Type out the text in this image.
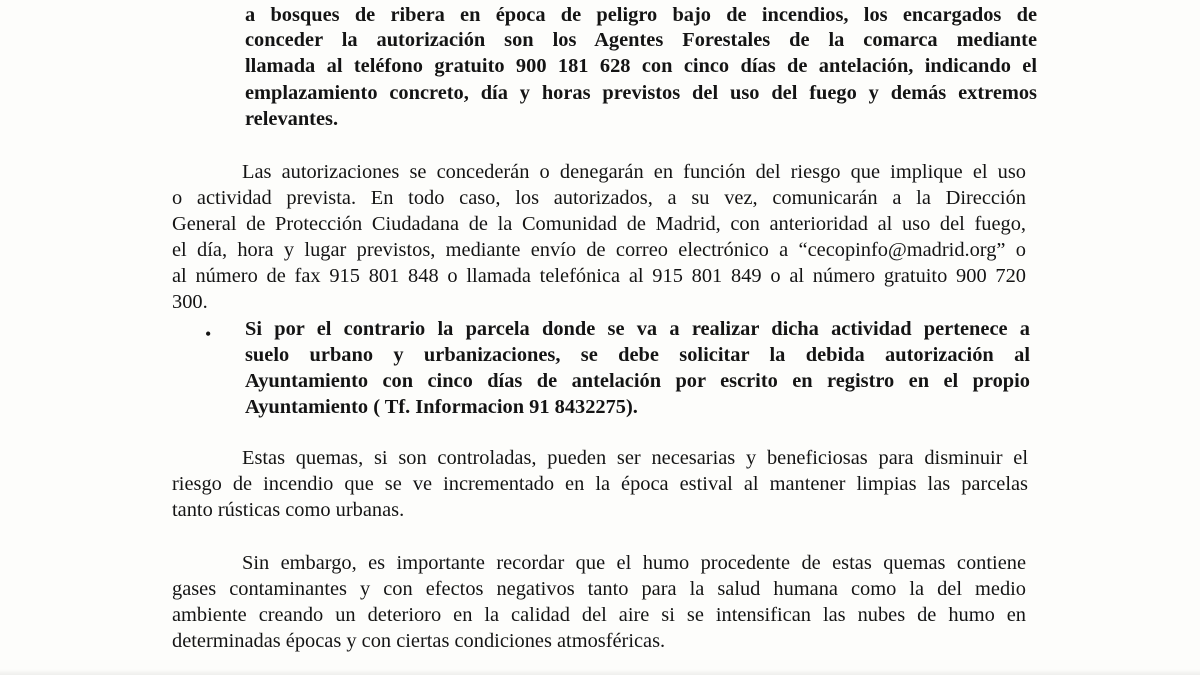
a bosques de ribera en época de peligro bajo de incendios, los encargados de
conceder la autorización son los Agentes Forestales de la comarca mediante
llamada al teléfono gratuito 900 181 628 con cinco días de antelación, indicando el
emplazamiento concreto, día y horas previstos del uso del fuego y demás extremos
relevantes.
Las autorizaciones se concederán o denegarán en función del riesgo que implique el uso
o actividad prevista. En todo caso, los autorizados, a su vez, comunicarán a la Dirección
General de Protección Ciudadana de la Comunidad de Madrid, con anterioridad al uso del fuego,
el día, hora y lugar previstos, mediante envío de correo electrónico a “cecopinfo@madrid.org” o
al número de fax 915 801 848 o llamada telefónica al 915 801 849 o al número gratuito 900 720
300.
• Si por el contrario la parcela donde se va a realizar dicha actividad pertenece a
suelo urbano y urbanizaciones, se debe solicitar la debida autorización al
Ayuntamiento con cinco días de antelación por escrito en registro en el propio
Ayuntamiento ( Tf. Informacion 91 8432275).
Estas quemas, si son controladas, pueden ser necesarias y beneficiosas para disminuir el
riesgo de incendio que se ve incrementado en la época estival al mantener limpias las parcelas
tanto rústicas como urbanas.
Sin embargo, es importante recordar que el humo procedente de estas quemas contiene
gases contaminantes y con efectos negativos tanto para la salud humana como la del medio
ambiente creando un deterioro en la calidad del aire si se intensifican las nubes de humo en
determinadas épocas y con ciertas condiciones atmosféricas.
